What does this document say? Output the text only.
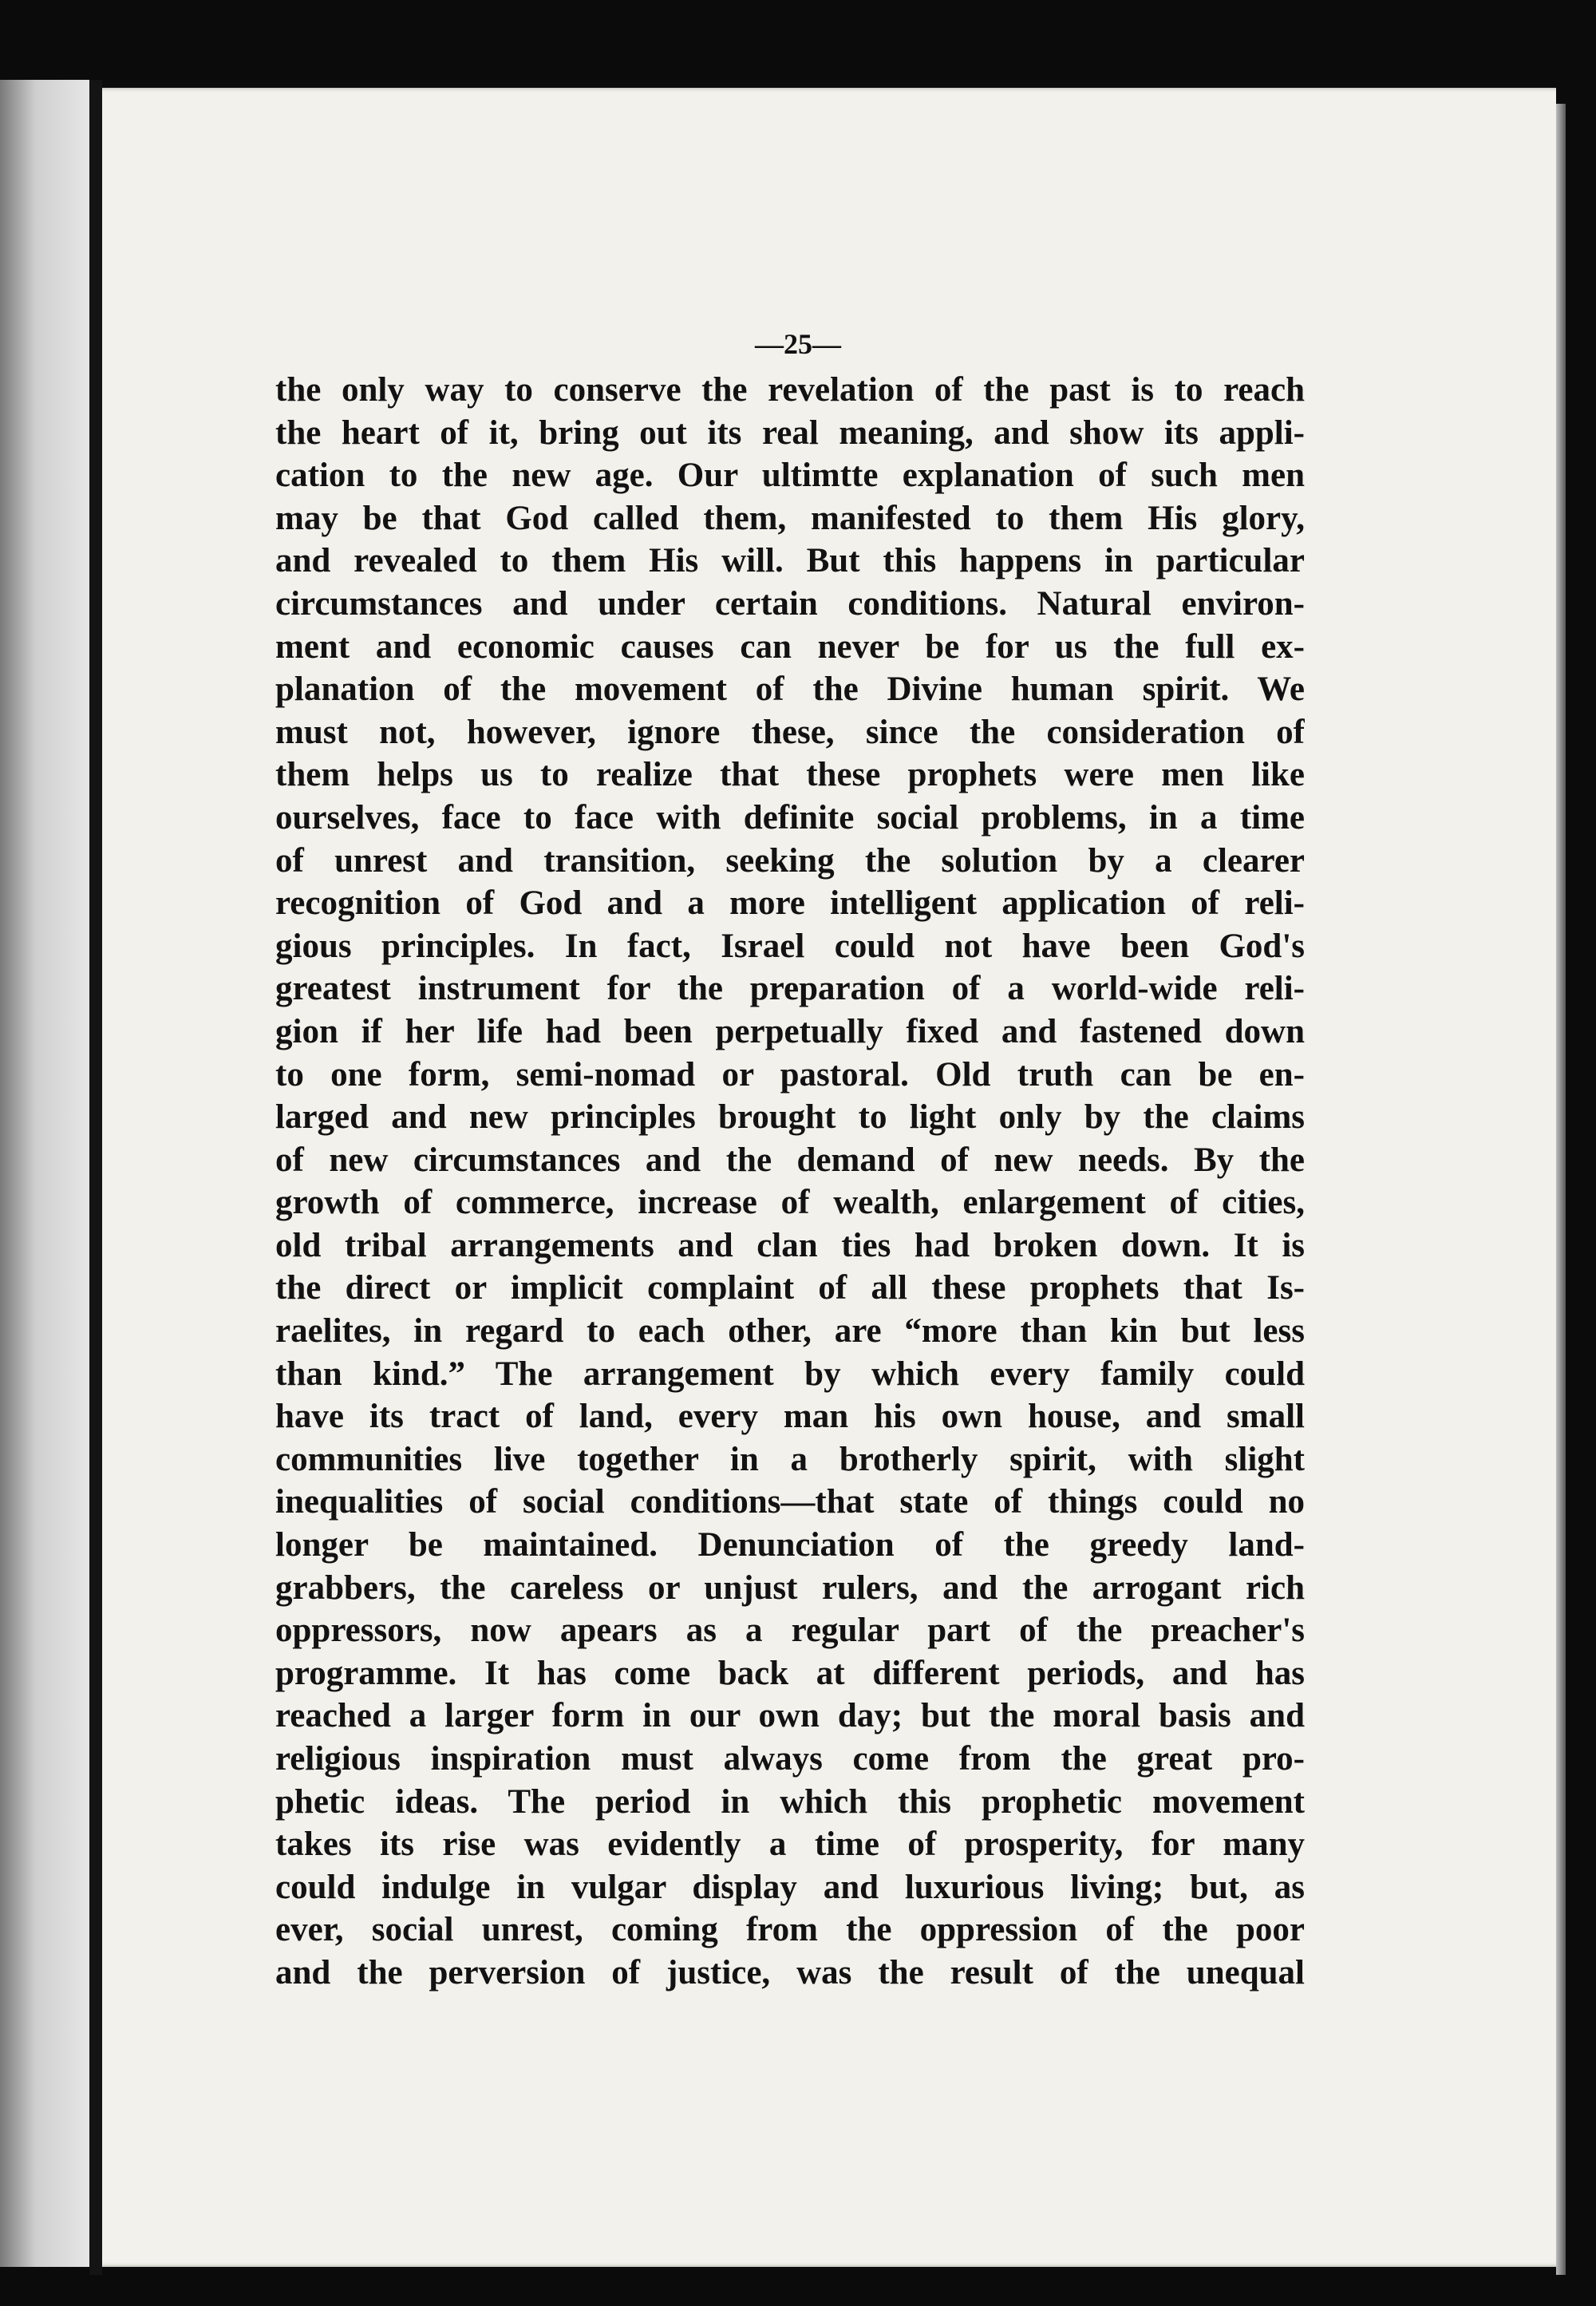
—25—
the only way to conserve the revelation of the past is to reach
the heart of it, bring out its real meaning, and show its appli-
cation to the new age. Our ultimtte explanation of such men
may be that God called them, manifested to them His glory,
and revealed to them His will. But this happens in particular
circumstances and under certain conditions. Natural environ-
ment and economic causes can never be for us the full ex-
planation of the movement of the Divine human spirit. We
must not, however, ignore these, since the consideration of
them helps us to realize that these prophets were men like
ourselves, face to face with definite social problems, in a time
of unrest and transition, seeking the solution by a clearer
recognition of God and a more intelligent application of reli-
gious principles. In fact, Israel could not have been God's
greatest instrument for the preparation of a world-wide reli-
gion if her life had been perpetually fixed and fastened down
to one form, semi-nomad or pastoral. Old truth can be en-
larged and new principles brought to light only by the claims
of new circumstances and the demand of new needs. By the
growth of commerce, increase of wealth, enlargement of cities,
old tribal arrangements and clan ties had broken down. It is
the direct or implicit complaint of all these prophets that Is-
raelites, in regard to each other, are “more than kin but less
than kind.” The arrangement by which every family could
have its tract of land, every man his own house, and small
communities live together in a brotherly spirit, with slight
inequalities of social conditions—that state of things could no
longer be maintained. Denunciation of the greedy land-
grabbers, the careless or unjust rulers, and the arrogant rich
oppressors, now apears as a regular part of the preacher's
programme. It has come back at different periods, and has
reached a larger form in our own day; but the moral basis and
religious inspiration must always come from the great pro-
phetic ideas. The period in which this prophetic movement
takes its rise was evidently a time of prosperity, for many
could indulge in vulgar display and luxurious living; but, as
ever, social unrest, coming from the oppression of the poor
and the perversion of justice, was the result of the unequal
